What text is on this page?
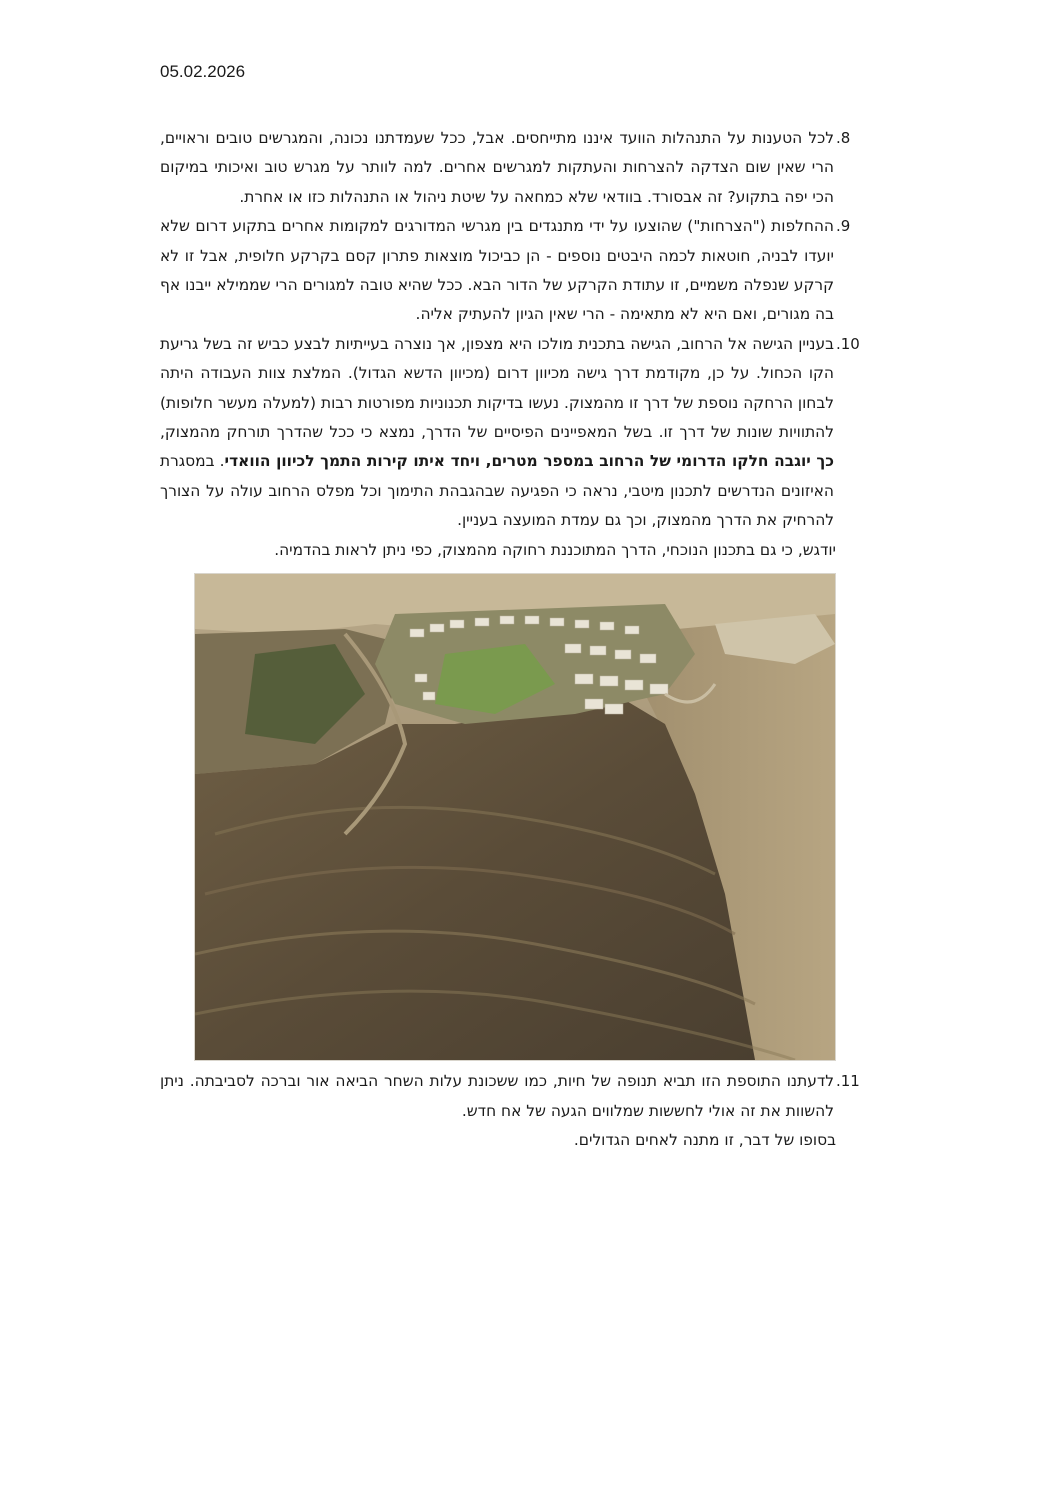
05.02.2026
.8

לכל הטענות על התנהלות הוועד איננו מתייחסים. אבל, ככל שעמדתנו נכונה, והמגרשים טובים וראויים, הרי שאין שום הצדקה להצרחות והעתקות למגרשים אחרים. למה לוותר על מגרש טוב ואיכותי במיקום הכי יפה בתקוע? זה אבסורד. בוודאי שלא כמחאה על שיטת ניהול או התנהלות כזו או אחרת.

.9

ההחלפות ("הצרחות") שהוצעו על ידי מתנגדים בין מגרשי המדורגים למקומות אחרים בתקוע דרום שלא יועדו לבניה, חוטאות לכמה היבטים נוספים - הן כביכול מוצאות פתרון קסם בקרקע חלופית, אבל זו לא קרקע שנפלה משמיים, זו עתודת הקרקע של הדור הבא. ככל שהיא טובה למגורים הרי שממילא ייבנו אף בה מגורים, ואם היא לא מתאימה - הרי שאין הגיון להעתיק אליה.

.10

בעניין הגישה אל הרחוב, הגישה בתכנית מולכו היא מצפון, אך נוצרה בעייתיות לבצע כביש זה בשל גריעת הקו הכחול. על כן, מקודמת דרך גישה מכיוון דרום (מכיוון הדשא הגדול). המלצת צוות העבודה היתה לבחון הרחקה נוספת של דרך זו מהמצוק. נעשו בדיקות תכנוניות מפורטות רבות (למעלה מעשר חלופות) להתוויות שונות של דרך זו. בשל המאפיינים הפיסיים של הדרך, נמצא כי ככל שהדרך תורחק מהמצוק, כך יוגבה חלקו הדרומי של הרחוב במספר מטרים, ויחד איתו קירות התמך לכיוון הוואדי. במסגרת האיזונים הנדרשים לתכנון מיטבי, נראה כי הפגיעה שבהגבהת התימוך וכל מפלס הרחוב עולה על הצורך להרחיק את הדרך מהמצוק, וכך גם עמדת המועצה בעניין.

יודגש, כי גם בתכנון הנוכחי, הדרך המתוכננת רחוקה מהמצוק, כפי ניתן לראות בהדמיה.

.11

לדעתנו התוספת הזו תביא תנופה של חיות, כמו ששכונת עלות השחר הביאה אור וברכה לסביבתה. ניתן להשוות את זה אולי לחששות שמלווים הגעה של אח חדש.

בסופו של דבר, זו מתנה לאחים הגדולים.
